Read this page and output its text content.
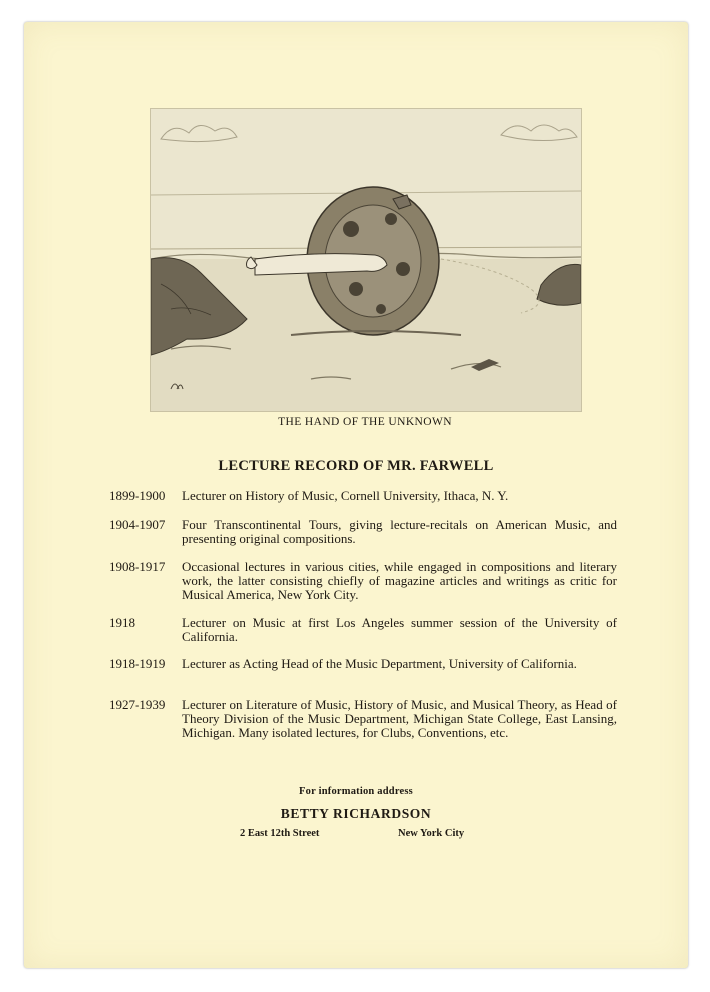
THE HAND OF THE UNKNOWN
LECTURE RECORD OF MR. FARWELL
1899-1900	Lecturer on History of Music, Cornell University, Ithaca, N. Y.
1904-1907	Four Transcontinental Tours, giving lecture-recitals on American Music, and presenting original compositions.
1908-1917	Occasional lectures in various cities, while engaged in compositions and literary work, the latter consisting chiefly of magazine articles and writings as critic for Musical America, New York City.
1918	Lecturer on Music at first Los Angeles summer session of the University of California.
1918-1919	Lecturer as Acting Head of the Music Department, University of California.
1927-1939	Lecturer on Literature of Music, History of Music, and Musical Theory, as Head of Theory Division of the Music Department, Michigan State College, East Lansing, Michigan. Many isolated lectures, for Clubs, Conventions, etc.
For information address
BETTY RICHARDSON
2 East 12th Street	New York City
